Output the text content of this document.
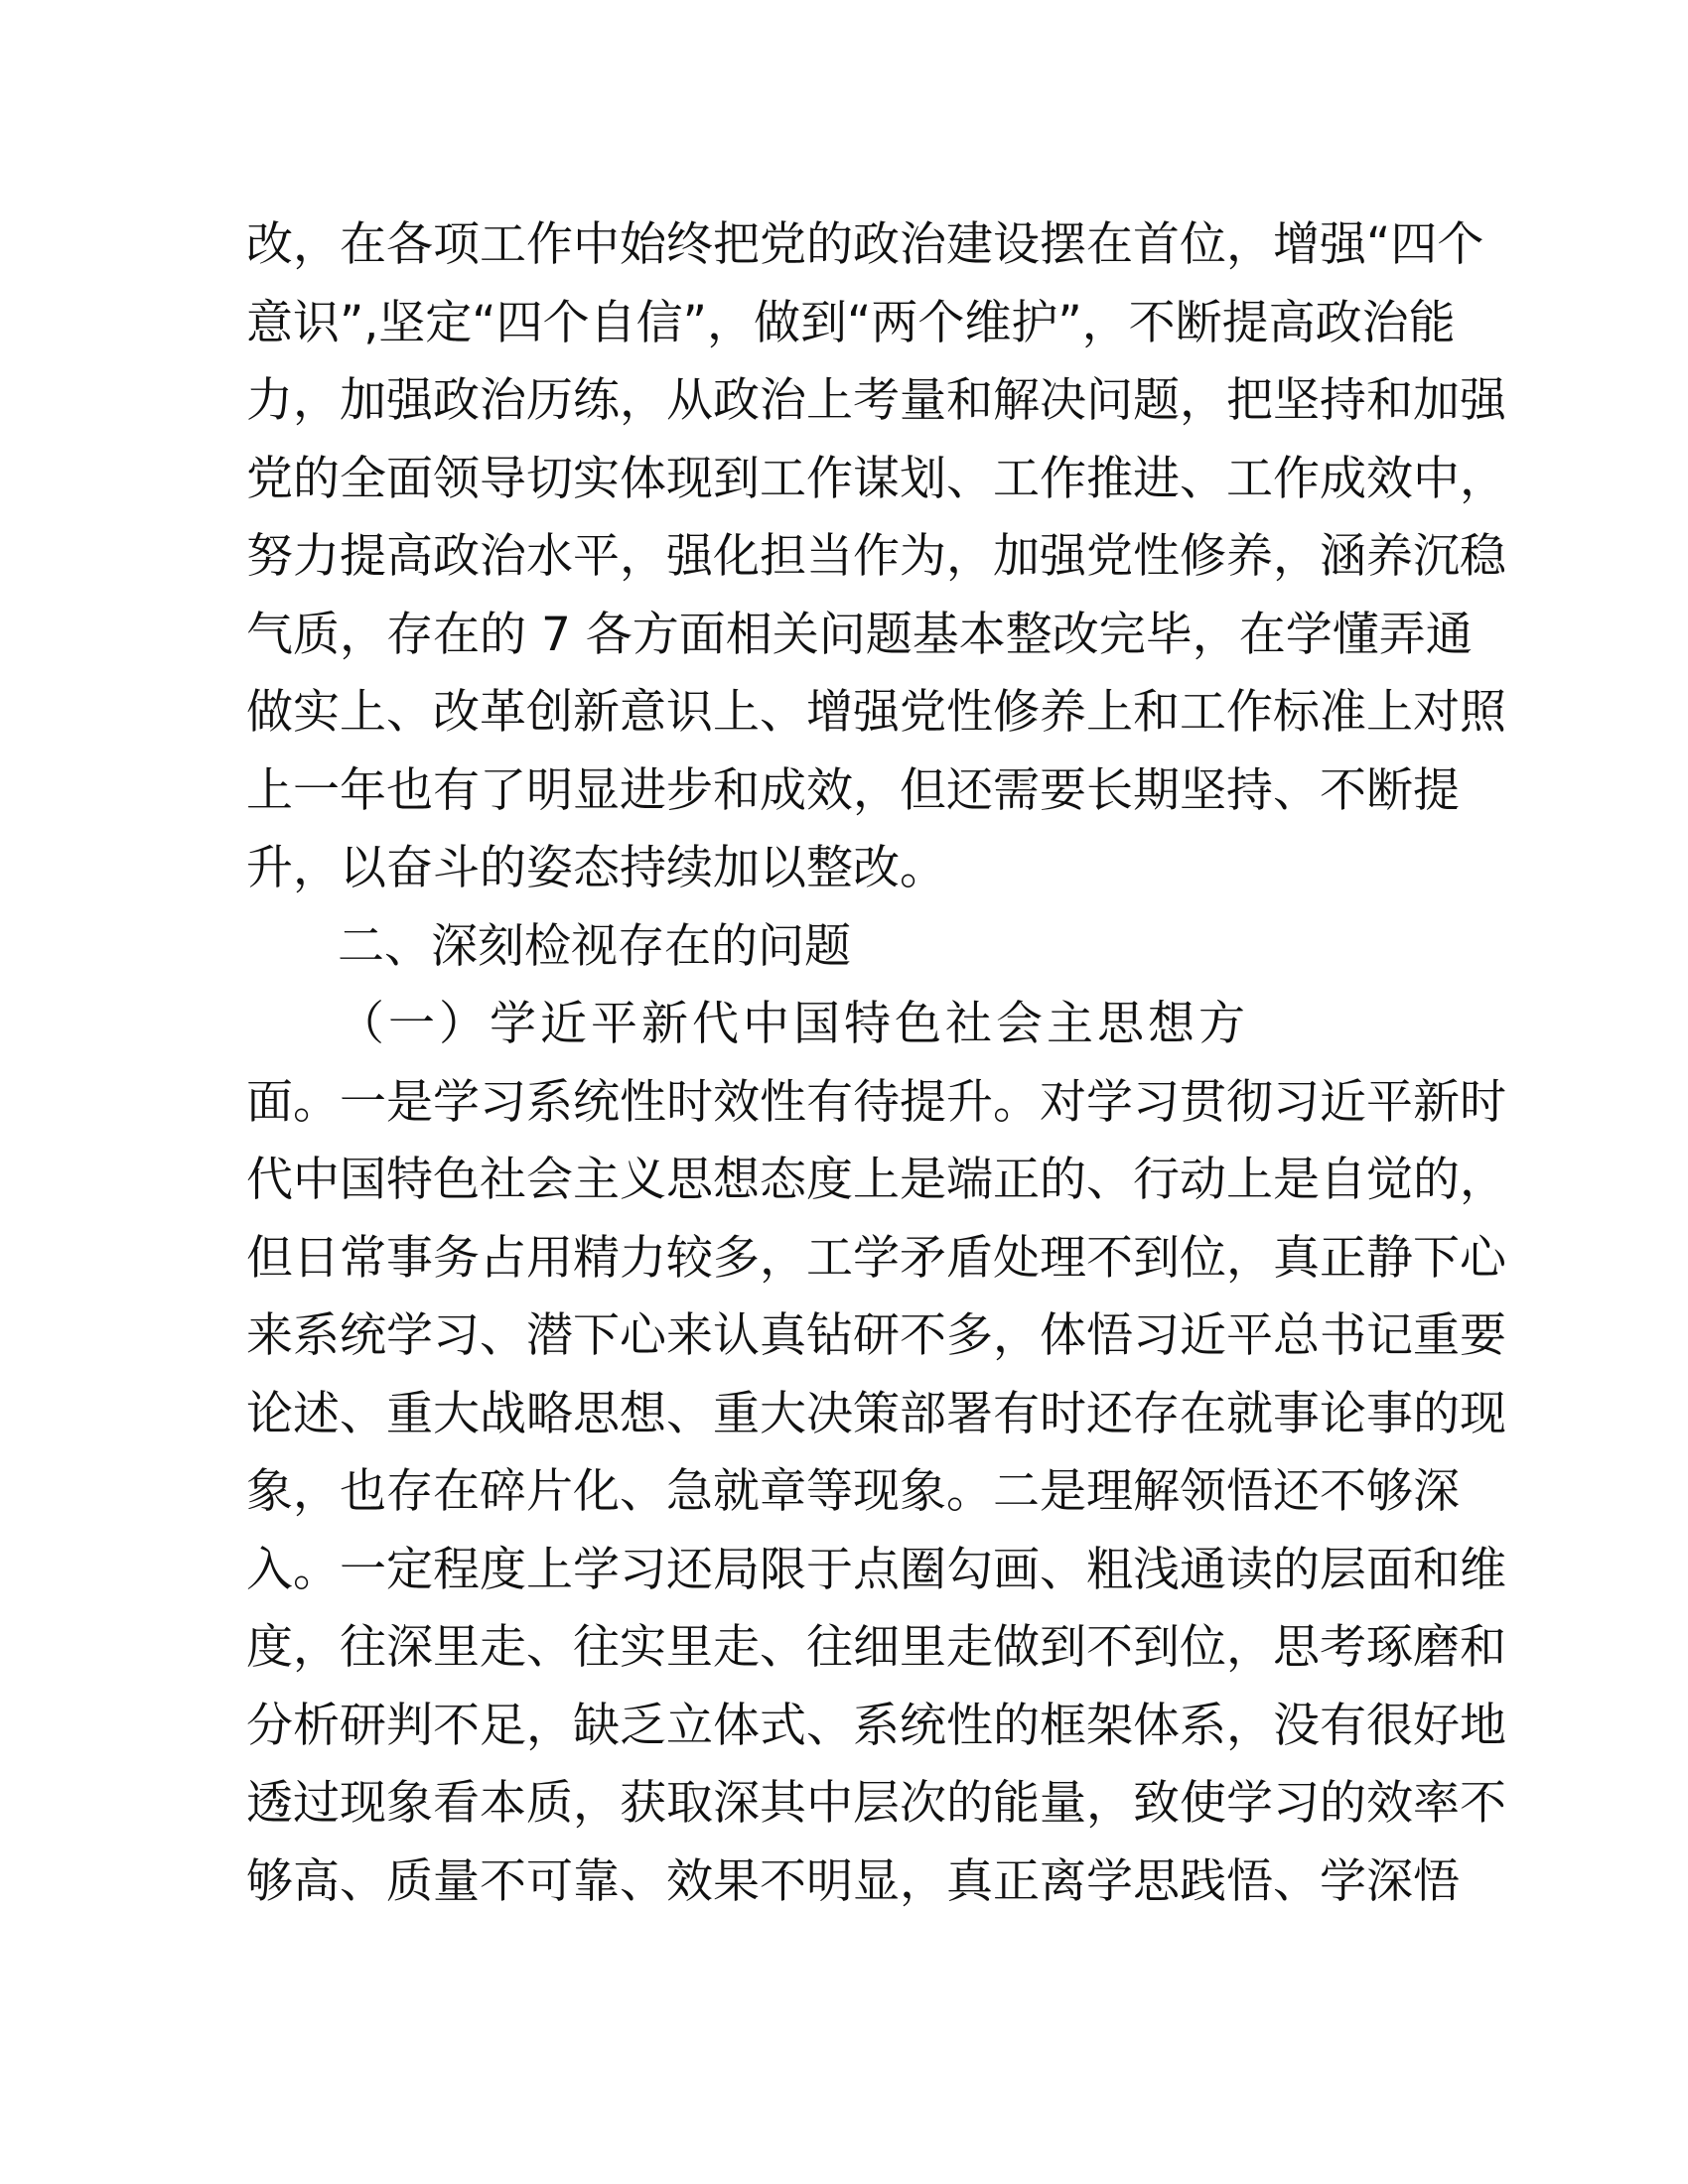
改，在各项工作中始终把党的政治建设摆在首位，增强“四个
意识”,坚定“四个自信”，做到“两个维护”，不断提高政治能
力，加强政治历练，从政治上考量和解决问题，把坚持和加强
党的全面领导切实体现到工作谋划、工作推进、工作成效中，
努力提高政治水平，强化担当作为，加强党性修养，涵养沉稳
气质，存在的 7 各方面相关问题基本整改完毕，在学懂弄通
做实上、改革创新意识上、增强党性修养上和工作标准上对照
上一年也有了明显进步和成效，但还需要长期坚持、不断提
升，以奋斗的姿态持续加以整改。
二、深刻检视存在的问题
（一）学近平新代中国特色社会主思想方
面。一是学习系统性时效性有待提升。对学习贯彻习近平新时
代中国特色社会主义思想态度上是端正的、行动上是自觉的，
但日常事务占用精力较多，工学矛盾处理不到位，真正静下心
来系统学习、潜下心来认真钻研不多，体悟习近平总书记重要
论述、重大战略思想、重大决策部署有时还存在就事论事的现
象，也存在碎片化、急就章等现象。二是理解领悟还不够深
入。一定程度上学习还局限于点圈勾画、粗浅通读的层面和维
度，往深里走、往实里走、往细里走做到不到位，思考琢磨和
分析研判不足，缺乏立体式、系统性的框架体系，没有很好地
透过现象看本质，获取深其中层次的能量，致使学习的效率不
够高、质量不可靠、效果不明显，真正离学思践悟、学深悟
